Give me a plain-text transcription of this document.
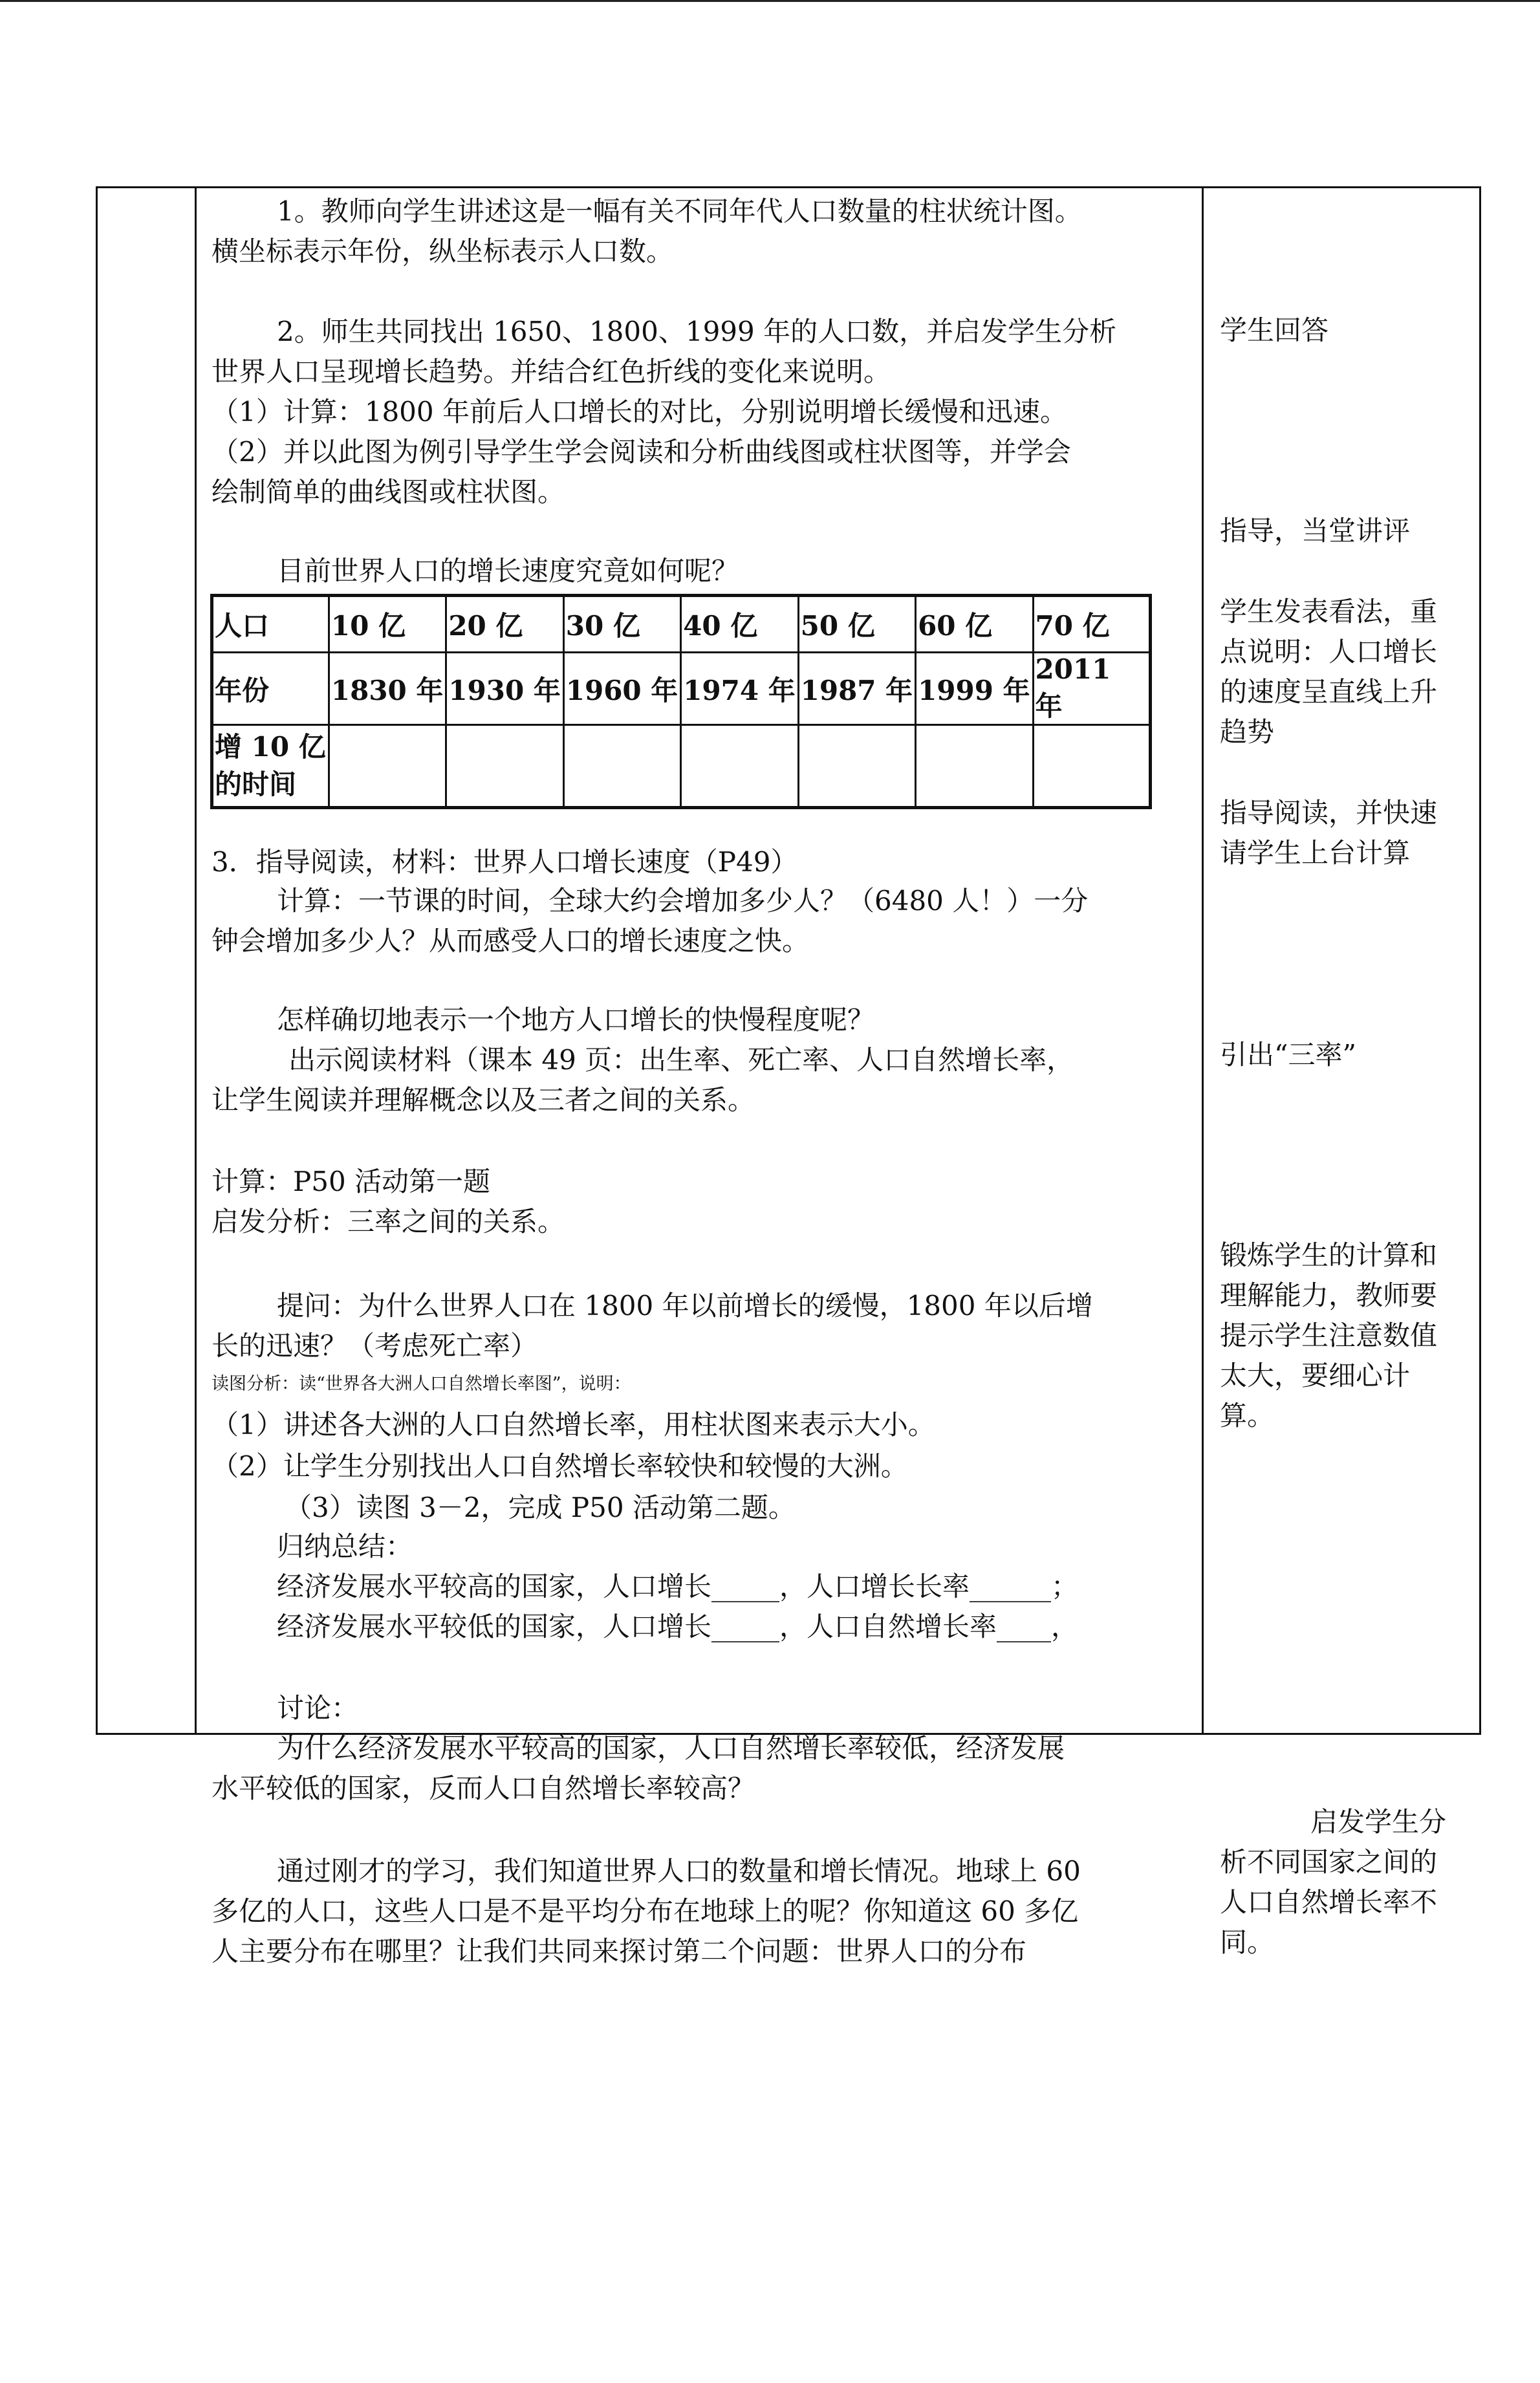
1。教师向学生讲述这是一幅有关不同年代人口数量的柱状统计图。
横坐标表示年份，纵坐标表示人口数。
2。师生共同找出 1650、1800、1999 年的人口数，并启发学生分析
世界人口呈现增长趋势。并结合红色折线的变化来说明。
（1）计算：1800 年前后人口增长的对比，分别说明增长缓慢和迅速。
（2）并以此图为例引导学生学会阅读和分析曲线图或柱状图等，并学会
绘制简单的曲线图或柱状图。
目前世界人口的增长速度究竟如何呢？
人口	10 亿	20 亿	30 亿	40 亿	50 亿	60 亿	70 亿
年份	1830 年	1930 年	1960 年	1974 年	1987 年	1999 年	2011 年

增 10 亿
的时间							

3．指导阅读，材料：世界人口增长速度（P49）
计算：一节课的时间，全球大约会增加多少人？（6480 人！）一分
钟会增加多少人？从而感受人口的增长速度之快。
怎样确切地表示一个地方人口增长的快慢程度呢？
出示阅读材料（课本 49 页：出生率、死亡率、人口自然增长率，
让学生阅读并理解概念以及三者之间的关系。
计算：P50 活动第一题
启发分析：三率之间的关系。
提问：为什么世界人口在 1800 年以前增长的缓慢，1800 年以后增
长的迅速？（考虑死亡率）
读图分析：读“世界各大洲人口自然增长率图”，说明：
（1）讲述各大洲的人口自然增长率，用柱状图来表示大小。
（2）让学生分别找出人口自然增长率较快和较慢的大洲。
（3）读图 3－2，完成 P50 活动第二题。
归纳总结：
经济发展水平较高的国家，人口增长_____，人口增长长率______；
经济发展水平较低的国家，人口增长_____，人口自然增长率____，
讨论：
为什么经济发展水平较高的国家，人口自然增长率较低，经济发展
水平较低的国家，反而人口自然增长率较高？
通过刚才的学习，我们知道世界人口的数量和增长情况。地球上 60
多亿的人口，这些人口是不是平均分布在地球上的呢？你知道这 60 多亿
人主要分布在哪里？让我们共同来探讨第二个问题：世界人口的分布
学生回答
指导，当堂讲评
学生发表看法，重
点说明：人口增长
的速度呈直线上升
趋势
指导阅读，并快速
请学生上台计算
引出“三率”
锻炼学生的计算和
理解能力，教师要
提示学生注意数值
太大，要细心计
算。
启发学生分
析不同国家之间的
人口自然增长率不
同。
